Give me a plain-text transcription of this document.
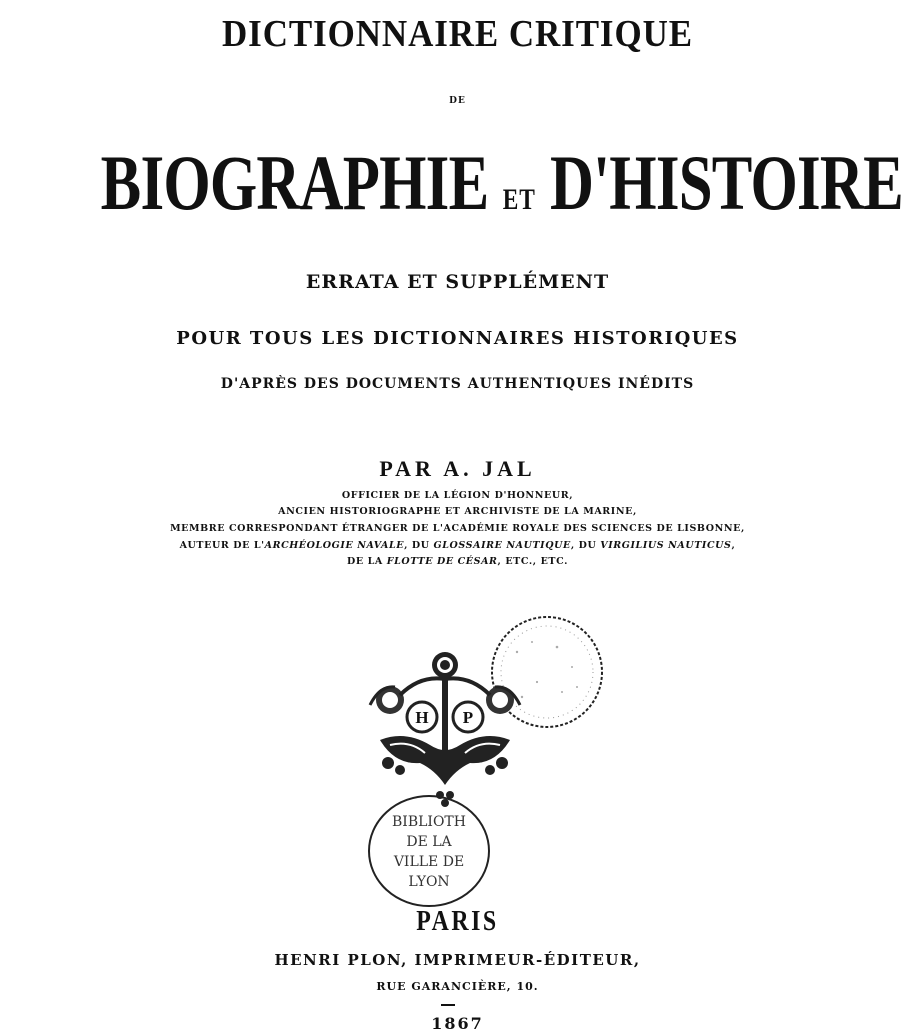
DICTIONNAIRE CRITIQUE
DE
BIOGRAPHIE ET D'HISTOIRE
ERRATA ET SUPPLÉMENT
POUR TOUS LES DICTIONNAIRES HISTORIQUES
D'APRÈS DES DOCUMENTS AUTHENTIQUES INÉDITS
PAR A. JAL
OFFICIER DE LA LÉGION D'HONNEUR,
ANCIEN HISTORIOGRAPHE ET ARCHIVISTE DE LA MARINE,
MEMBRE CORRESPONDANT ÉTRANGER DE L'ACADÉMIE ROYALE DES SCIENCES DE LISBONNE,
AUTEUR DE L'ARCHÉOLOGIE NAVALE, DU GLOSSAIRE NAUTIQUE, DU VIRGILIUS NAUTICUS,
DE LA FLOTTE DE CÉSAR, ETC., ETC.
H P
BIBLIOTH
DE LA
VILLE DE
LYON
PARIS
HENRI PLON, IMPRIMEUR-ÉDITEUR,
RUE GARANCIÈRE, 10.
1867
